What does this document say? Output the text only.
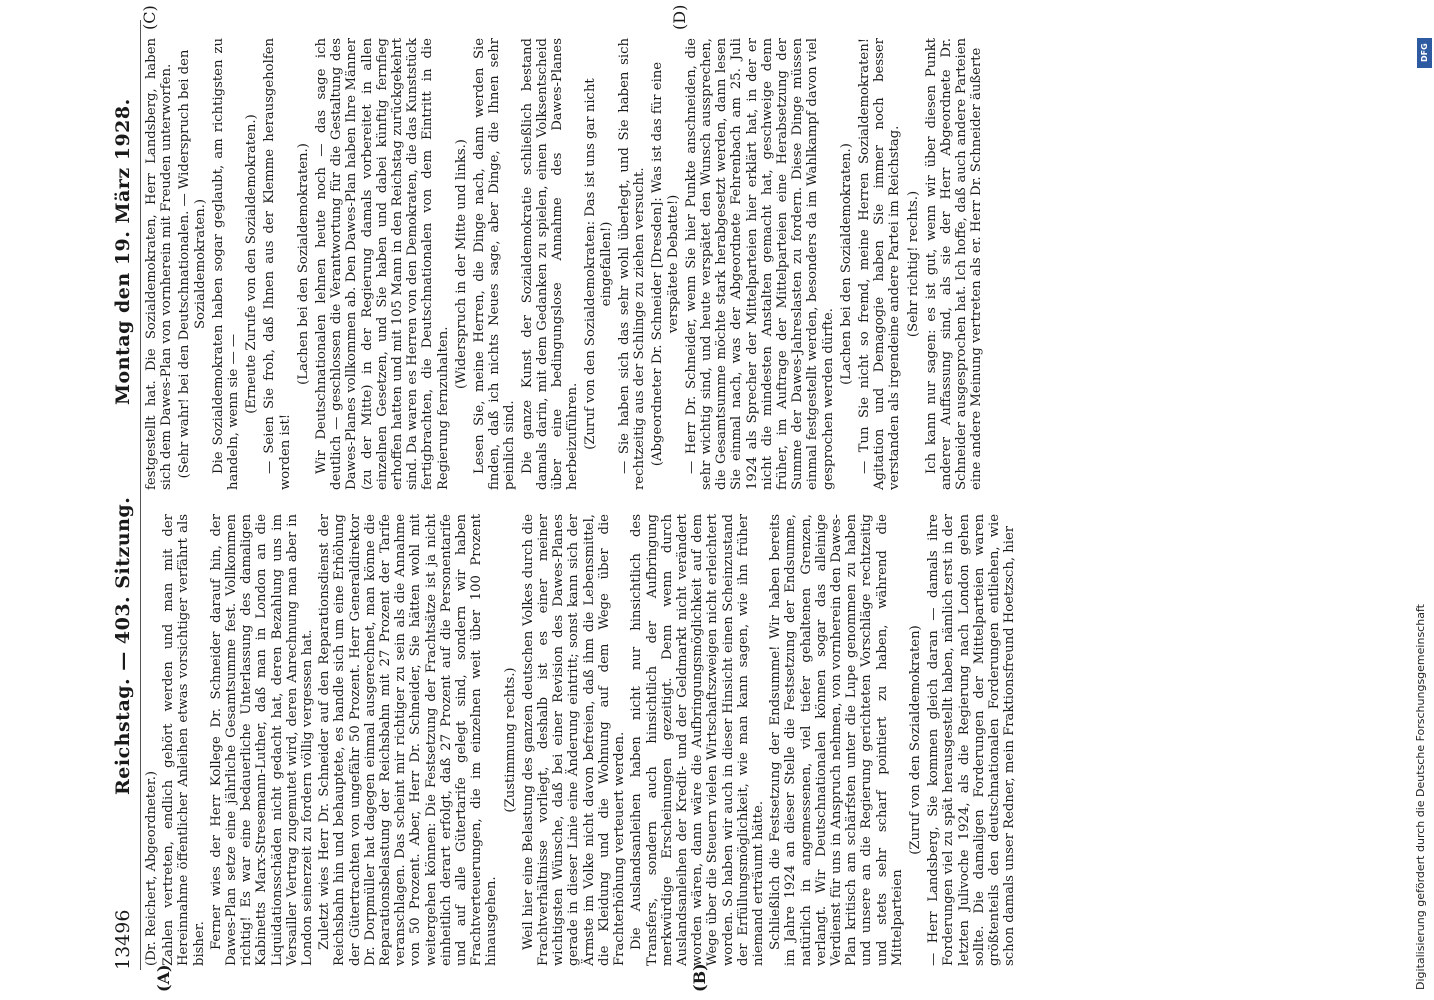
13496
Reichstag. — 403. Sitzung.
Montag den 19. März 1928.
(A)	(B)
(C)	(D)

(Dr. Reichert, Abgeordneter.) Zahlen vertreten, endlich gehört werden und man mit der Hereinnahme öffentlicher Anleihen etwas vorsichtiger verfährt als bisher. Ferner wies der Herr Kollege Dr. Schneider darauf hin, der Dawes-Plan setze eine jährliche Gesamtsumme fest. Vollkommen richtig! Es war eine bedauerliche Unterlassung des damaligen Kabinetts Marx-Stresemann-Luther, daß man in London an die Liquidationsschäden nicht gedacht hat, deren Bezahlung uns im Versailler Vertrag zugemutet wird, deren Anrechnung man aber in London seinerzeit zu fordern völlig vergessen hat. Zuletzt wies Herr Dr. Schneider auf den Reparationsdienst der Reichsbahn hin und behauptete, es handle sich um eine Erhöhung der Gütertrachten von ungefähr 50 Prozent. Herr Generaldirektor Dr. Dorpmüller hat dagegen einmal ausgerechnet, man könne die Reparationsbelastung der Reichsbahn mit 27 Prozent der Tarife veranschlagen. Das scheint mir richtiger zu sein als die Annahme von 50 Prozent. Aber, Herr Dr. Schneider, Sie hätten wohl mit weitergehen können: Die Festsetzung der Frachtsätze ist ja nicht einheitlich derart erfolgt, daß 27 Prozent auf die Personentarife und auf alle Gütertarife gelegt sind, sondern wir haben Frachtverteuerungen, die im einzelnen weit über 100 Prozent hinausgehen.

(Zustimmung rechts.) Weil hier eine Belastung des ganzen deutschen Volkes durch die Frachtverhältnisse vorliegt, deshalb ist es einer meiner wichtigsten Wünsche, daß bei einer Revision des Dawes-Planes gerade in dieser Linie eine Änderung eintritt; sonst kann sich der Ärmste im Volke nicht davon befreien, daß ihm die Lebensmittel, die Kleidung und die Wohnung auf dem Wege über die Frachterhöhung verteuert werden. Die Auslandsanleihen haben nicht nur hinsichtlich des Transfers, sondern auch hinsichtlich der Aufbringung merkwürdige Erscheinungen gezeitigt. Denn wenn durch Auslandsanleihen der Kredit- und der Geldmarkt nicht verändert worden wären, dann wäre die Aufbringungsmöglichkeit auf dem Wege über die Steuern vielen Wirtschaftszweigen nicht erleichtert worden. So haben wir auch in dieser Hinsicht einen Scheinzustand der Erfüllungsmöglichkeit, wie man kann sagen, wie ihn früher niemand erträumt hätte. Schließlich die Festsetzung der Endsumme! Wir haben bereits im Jahre 1924 an dieser Stelle die Festsetzung der Endsumme, natürlich in angemessenen, viel tiefer gehaltenen Grenzen, verlangt. Wir Deutschnationalen können sogar das alleinige Verdienst für uns in Anspruch nehmen, von vornherein den Dawes-Plan kritisch am schärfsten unter die Lupe genommen zu haben und unsere an die Regierung gerichteten Vorschläge rechtzeitig und stets sehr scharf pointiert zu haben, während die Mittelparteien

(Zuruf von den Sozialdemokraten) — Herr Landsberg, Sie kommen gleich daran — damals ihre Forderungen viel zu spät herausgestellt haben, nämlich erst in der letzten Julivoche 1924, als die Regierung nach London gehen sollte. Die damaligen Forderungen der Mittelparteien waren größtenteils den deutschnationalen Forderungen entliehen, wie schon damals unser Redner, mein Fraktionsfreund Hoetzsch, hier

festgestellt hat. Die Sozialdemokraten, Herr Landsberg, haben sich dem Dawes-Plan von vornherein mit Freuden unterworfen. (Sehr wahr! bei den Deutschnationalen. — Widerspruch bei den Sozialdemokraten.) Die Sozialdemokraten haben sogar geglaubt, am richtigsten zu handeln, wenn sie — — (Erneute Zurufe von den Sozialdemokraten.) — Seien Sie froh, daß Ihnen aus der Klemme herausgeholfen worden ist!

(Lachen bei den Sozialdemokraten.) Wir Deutschnationalen lehnen heute noch — das sage ich deutlich — geschlossen die Verantwortung für die Gestaltung des Dawes-Planes vollkommen ab. Den Dawes-Plan haben Ihre Männer (zu der Mitte) in der Regierung damals vorbereitet in allen einzelnen Gesetzen, und Sie haben und dabei künftig fernfieg erhoffen hatten und mit 105 Mann in den Reichstag zurückgekehrt sind. Da waren es Herren von den Demokraten, die das Kunststück fertigbrachten, die Deutschnationalen von dem Eintritt in die Regierung fernzuhalten.

(Widerspruch in der Mitte und links.) Lesen Sie, meine Herren, die Dinge nach, dann werden Sie finden, daß ich nichts Neues sage, aber Dinge, die Ihnen sehr peinlich sind. Die ganze Kunst der Sozialdemokratie schließlich bestand damals darin, mit dem Gedanken zu spielen, einen Volksentscheid über eine bedingungslose Annahme des Dawes-Planes herbeizuführen. (Zuruf von den Sozialdemokraten: Das ist uns gar nicht eingefallen!) — Sie haben sich das sehr wohl überlegt, und Sie haben sich rechtzeitig aus der Schlinge zu ziehen versucht. (Abgeordneter Dr. Schneider [Dresden]: Was ist das für eine verspätete Debatte!) — Herr Dr. Schneider, wenn Sie hier Punkte anschneiden, die sehr wichtig sind, und heute verspätet den Wunsch aussprechen, die Gesamtsumme möchte stark herabgesetzt werden, dann lesen Sie einmal nach, was der Abgeordnete Fehrenbach am 25. Juli 1924 als Sprecher der Mittelparteien hier erklärt hat, in der er nicht die mindesten Anstalten gemacht hat, geschweige denn früher, im Auftrage der Mittelparteien eine Herabsetzung der Summe der Dawes-Jahreslasten zu fordern. Diese Dinge müssen einmal festgestellt werden, besonders da im Wahlkampf davon viel gesprochen werden dürfte.

(Lachen bei den Sozialdemokraten.) — Tun Sie nicht so fremd, meine Herren Sozialdemokraten! Agitation und Demagogie haben Sie immer noch besser verstanden als irgendeine andere Partei im Reichstag. (Sehr richtig! rechts.) Ich kann nur sagen: es ist gut, wenn wir über diesen Punkt anderer Auffassung sind, als sie der Herr Abgeordnete Dr. Schneider ausgesprochen hat. Ich hoffe, daß auch andere Parteien eine andere Meinung vertreten als er. Herr Dr. Schneider äußerte

Digitalisierung gefördert durch die Deutsche Forschungsgemeinschaft
DFG
